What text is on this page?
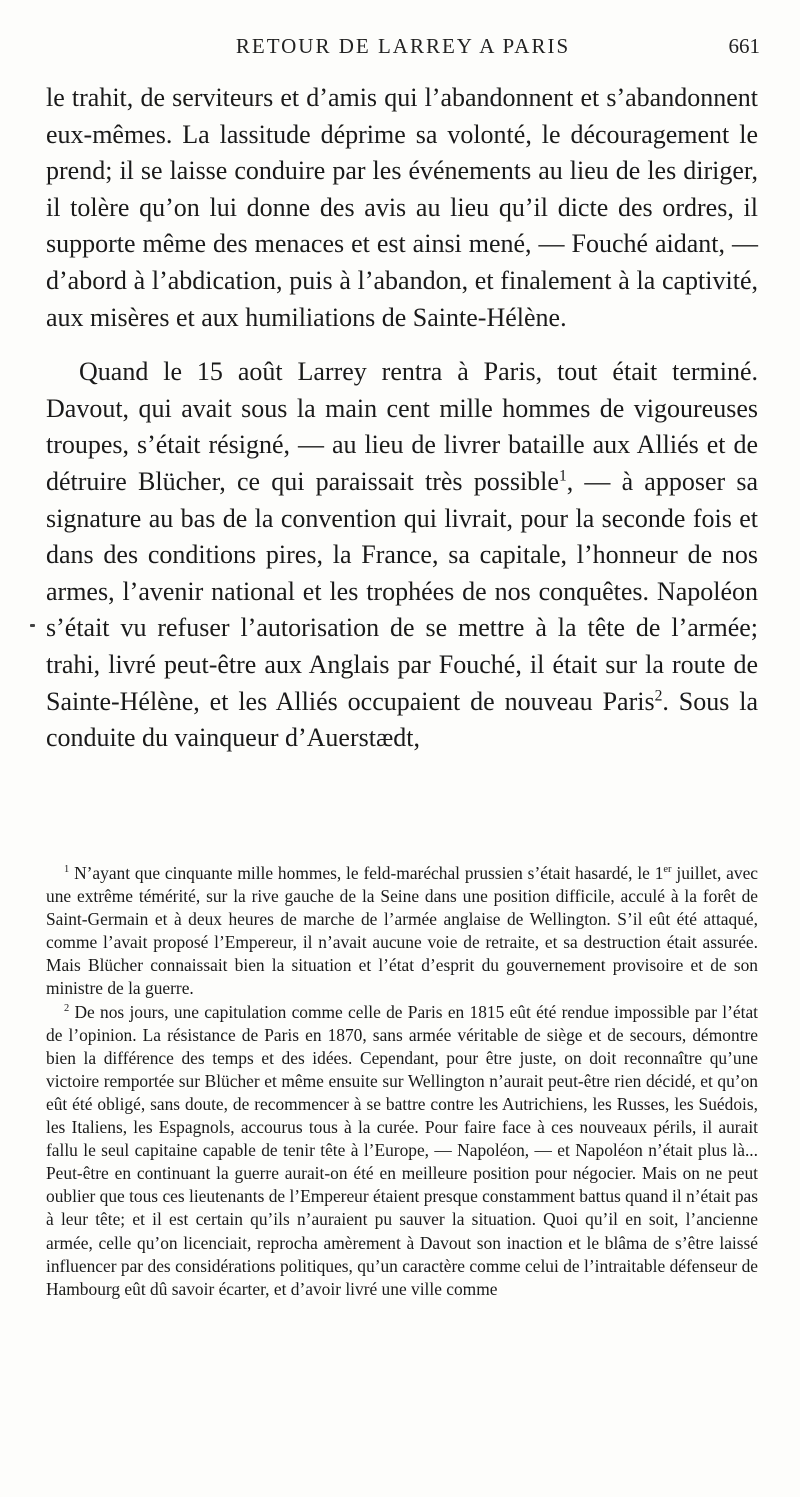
RETOUR DE LARREY A PARIS	661

le trahit, de serviteurs et d’amis qui l’abandonnent et s’abandonnent eux-mêmes. La lassitude déprime sa volonté, le découragement le prend; il se laisse conduire par les événements au lieu de les diriger, il tolère qu’on lui donne des avis au lieu qu’il dicte des ordres, il supporte même des menaces et est ainsi mené, — Fouché aidant, — d’abord à l’abdication, puis à l’abandon, et finalement à la captivité, aux misères et aux humiliations de Sainte-Hélène.

Quand le 15 août Larrey rentra à Paris, tout était terminé. Davout, qui avait sous la main cent mille hommes de vigoureuses troupes, s’était résigné, — au lieu de livrer bataille aux Alliés et de détruire Blücher, ce qui paraissait très possible$^1$, — à apposer sa signature au bas de la convention qui livrait, pour la seconde fois et dans des conditions pires, la France, sa capitale, l’honneur de nos armes, l’avenir national et les trophées de nos conquêtes. Napoléon s’était vu refuser l’autorisation de se mettre à la tête de l’armée; trahi, livré peut-être aux Anglais par Fouché, il était sur la route de Sainte-Hélène, et les Alliés occupaient de nouveau Paris$^2$. Sous la conduite du vainqueur d’Auerstædt,

$^1$ N’ayant que cinquante mille hommes, le feld-maréchal prussien s’était hasardé, le 1er juillet, avec une extrême témérité, sur la rive gauche de la Seine dans une position difficile, acculé à la forêt de Saint-Germain et à deux heures de marche de l’armée anglaise de Wellington. S’il eût été attaqué, comme l’avait proposé l’Empereur, il n’avait aucune voie de retraite, et sa destruction était assurée. Mais Blücher connaissait bien la situation et l’état d’esprit du gouvernement provisoire et de son ministre de la guerre.

$^2$ De nos jours, une capitulation comme celle de Paris en 1815 eût été rendue impossible par l’état de l’opinion. La résistance de Paris en 1870, sans armée véritable de siège et de secours, démontre bien la différence des temps et des idées. Cependant, pour être juste, on doit reconnaître qu’une victoire remportée sur Blücher et même ensuite sur Wellington n’aurait peut-être rien décidé, et qu’on eût été obligé, sans doute, de recommencer à se battre contre les Autrichiens, les Russes, les Suédois, les Italiens, les Espagnols, accourus tous à la curée. Pour faire face à ces nouveaux périls, il aurait fallu le seul capitaine capable de tenir tête à l’Europe, — Napoléon, — et Napoléon n’était plus là... Peut-être en continuant la guerre aurait-on été en meilleure position pour négocier. Mais on ne peut oublier que tous ces lieutenants de l’Empereur étaient presque constamment battus quand il n’était pas à leur tête; et il est certain qu’ils n’auraient pu sauver la situation. Quoi qu’il en soit, l’ancienne armée, celle qu’on licenciait, reprocha amèrement à Davout son inaction et le blâma de s’être laissé influencer par des considérations politiques, qu’un caractère comme celui de l’intraitable défenseur de Hambourg eût dû savoir écarter, et d’avoir livré une ville comme
